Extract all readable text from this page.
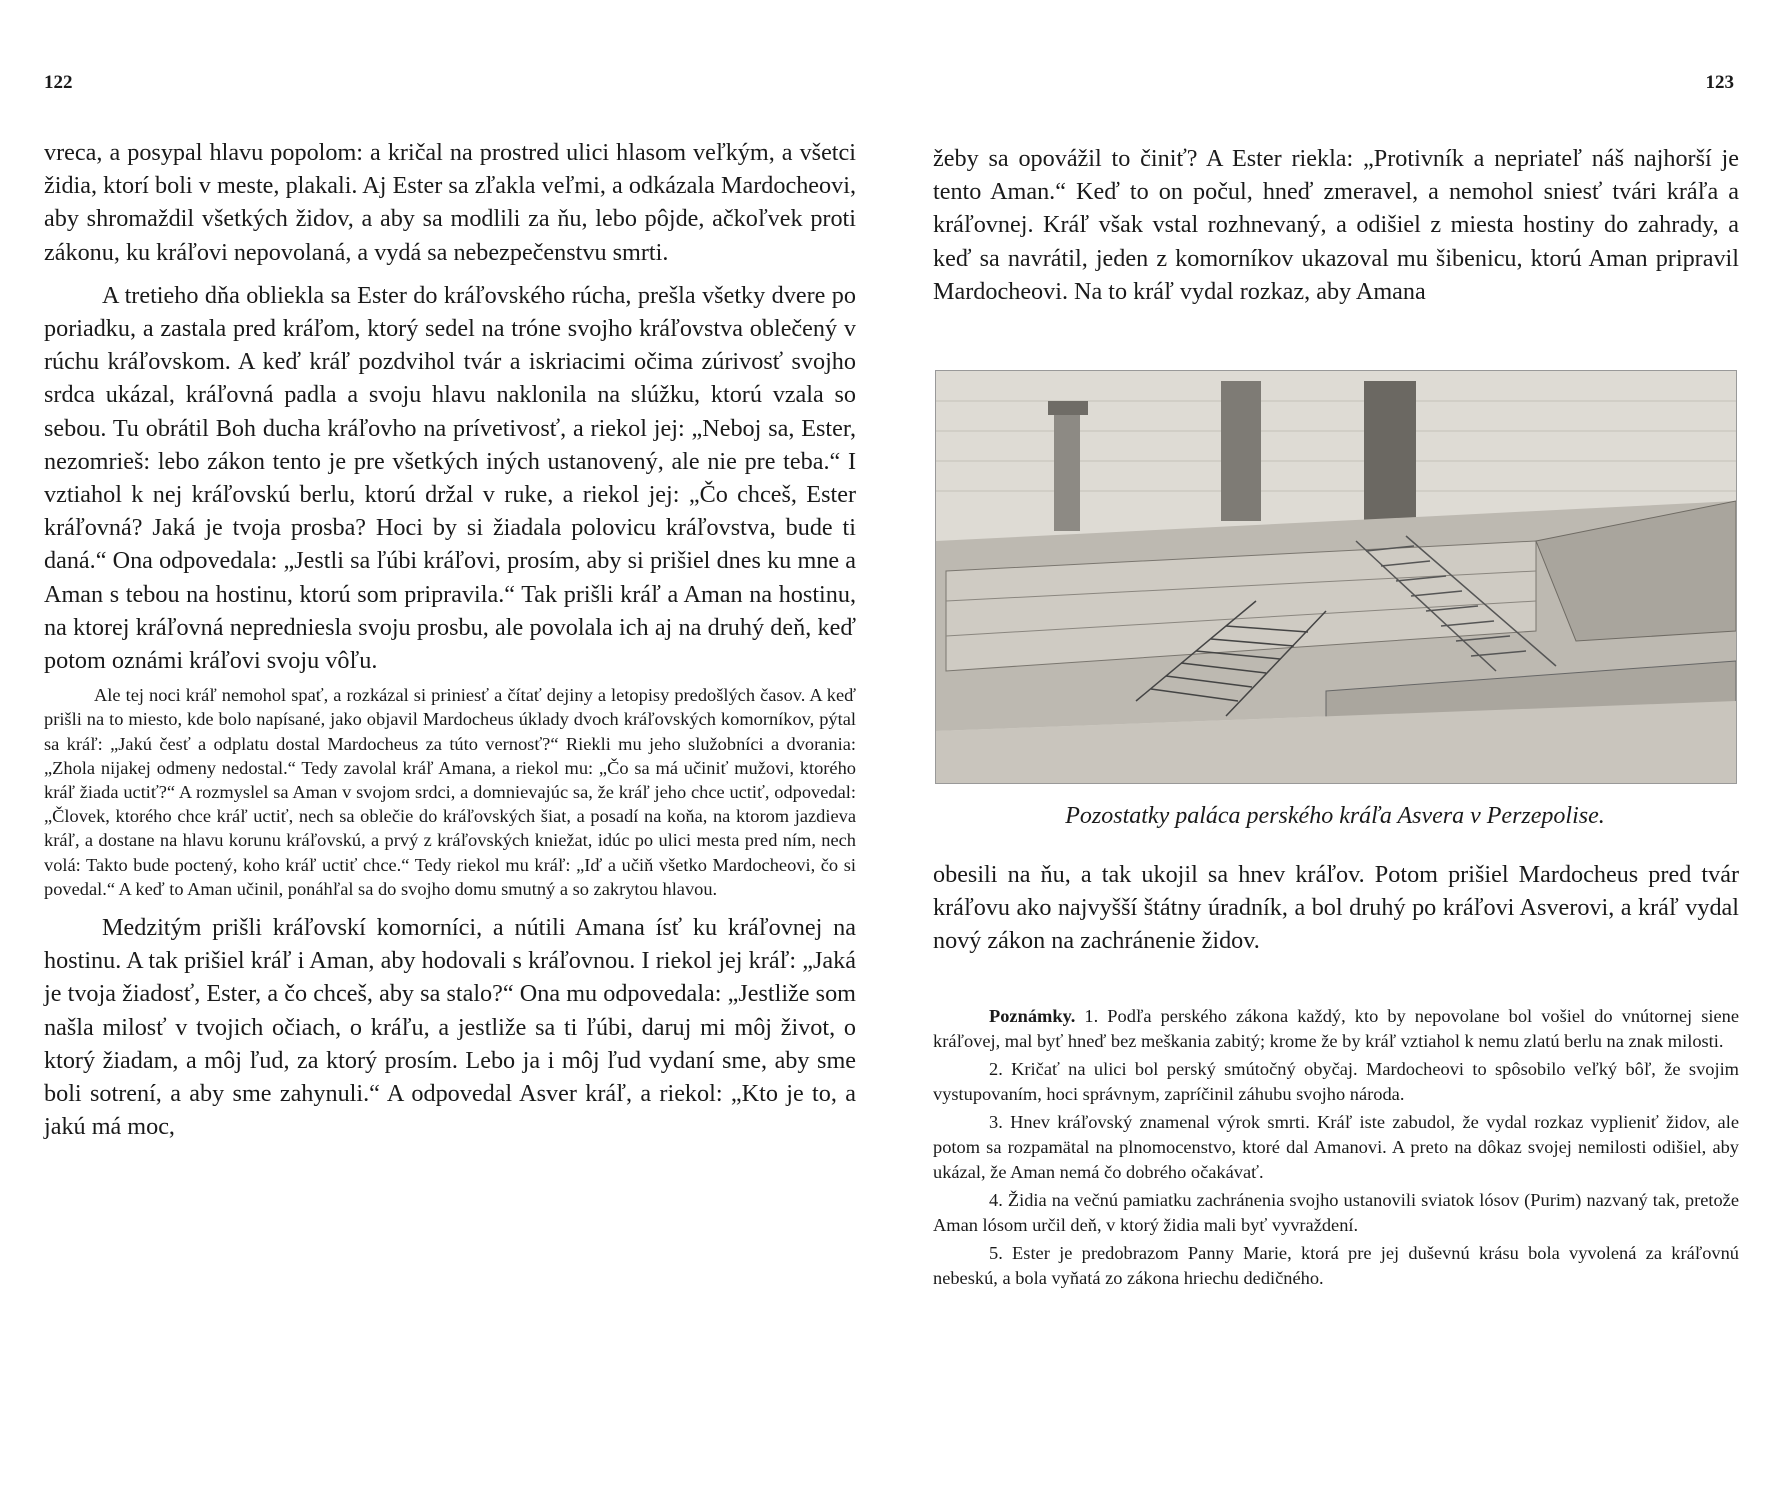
122

vreca, a posypal hlavu popolom: a kričal na prostred ulici hlasom veľkým, a všetci židia, ktorí boli v meste, plakali. Aj Ester sa zľakla veľmi, a odkázala Mardocheovi, aby shromaždil všetkých židov, a aby sa modlili za ňu, lebo pôjde, ačkoľvek proti zákonu, ku kráľovi nepovolaná, a vydá sa nebezpečenstvu smrti.

A tretieho dňa obliekla sa Ester do kráľovského rúcha, prešla všetky dvere po poriadku, a zastala pred kráľom, ktorý sedel na tróne svojho kráľovstva oblečený v rúchu kráľovskom. A keď kráľ pozdvihol tvár a iskriacimi očima zúrivosť svojho srdca ukázal, kráľovná padla a svoju hlavu naklonila na slúžku, ktorú vzala so sebou. Tu obrátil Boh ducha kráľovho na prívetivosť, a riekol jej: „Neboj sa, Ester, nezomrieš: lebo zákon tento je pre všetkých iných ustanovený, ale nie pre teba.“ I vztiahol k nej kráľovskú berlu, ktorú držal v ruke, a riekol jej: „Čo chceš, Ester kráľovná? Jaká je tvoja prosba? Hoci by si žiadala polovicu kráľovstva, bude ti daná.“ Ona odpovedala: „Jestli sa ľúbi kráľovi, prosím, aby si prišiel dnes ku mne a Aman s tebou na hostinu, ktorú som pripravila.“ Tak prišli kráľ a Aman na hostinu, na ktorej kráľovná nepredniesla svoju prosbu, ale povolala ich aj na druhý deň, keď potom oznámi kráľovi svoju vôľu.

Ale tej noci kráľ nemohol spať, a rozkázal si priniesť a čítať dejiny a letopisy predošlých časov. A keď prišli na to miesto, kde bolo napísané, jako objavil Mardocheus úklady dvoch kráľovských komorníkov, pýtal sa kráľ: „Jakú česť a odplatu dostal Mardocheus za túto vernosť?“ Riekli mu jeho služobníci a dvorania: „Zhola nijakej odmeny nedostal.“ Tedy zavolal kráľ Amana, a riekol mu: „Čo sa má učiniť mužovi, ktorého kráľ žiada uctiť?“ A rozmyslel sa Aman v svojom srdci, a domnievajúc sa, že kráľ jeho chce uctiť, odpovedal: „Človek, ktorého chce kráľ uctiť, nech sa oblečie do kráľovských šiat, a posadí na koňa, na ktorom jazdieva kráľ, a dostane na hlavu korunu kráľovskú, a prvý z kráľovských kniežat, idúc po ulici mesta pred ním, nech volá: Takto bude poctený, koho kráľ uctiť chce.“ Tedy riekol mu kráľ: „Iď a učiň všetko Mardocheovi, čo si povedal.“ A keď to Aman učinil, ponáhľal sa do svojho domu smutný a so zakrytou hlavou.

Medzitým prišli kráľovskí komorníci, a nútili Amana ísť ku kráľovnej na hostinu. A tak prišiel kráľ i Aman, aby hodovali s kráľovnou. I riekol jej kráľ: „Jaká je tvoja žiadosť, Ester, a čo chceš, aby sa stalo?“ Ona mu odpovedala: „Jestliže som našla milosť v tvojich očiach, o kráľu, a jestliže sa ti ľúbi, daruj mi môj život, o ktorý žiadam, a môj ľud, za ktorý prosím. Lebo ja i môj ľud vydaní sme, aby sme boli sotrení, a aby sme zahynuli.“ A odpovedal Asver kráľ, a riekol: „Kto je to, a jakú má moc,

123

žeby sa opovážil to činiť? A Ester riekla: „Protivník a nepriateľ náš najhorší je tento Aman.“ Keď to on počul, hneď zmeravel, a nemohol sniesť tvári kráľa a kráľovnej. Kráľ však vstal rozhnevaný, a odišiel z miesta hostiny do zahrady, a keď sa navrátil, jeden z komorníkov ukazoval mu šibenicu, ktorú Aman pripravil Mardocheovi. Na to kráľ vydal rozkaz, aby Amana

Pozostatky paláca perského kráľa Asvera v Perzepolise.

obesili na ňu, a tak ukojil sa hnev kráľov. Potom prišiel Mardocheus pred tvár kráľovu ako najvyšší štátny úradník, a bol druhý po kráľovi Asverovi, a kráľ vydal nový zákon na zachránenie židov.

Poznámky. 1. Podľa perského zákona každý, kto by nepovolane bol vošiel do vnútornej siene kráľovej, mal byť hneď bez meškania zabitý; krome že by kráľ vztiahol k nemu zlatú berlu na znak milosti.

2. Kričať na ulici bol perský smútočný obyčaj. Mardocheovi to spôsobilo veľký bôľ, že svojim vystupovaním, hoci správnym, zapríčinil záhubu svojho národa.

3. Hnev kráľovský znamenal výrok smrti. Kráľ iste zabudol, že vydal rozkaz vyplieniť židov, ale potom sa rozpamätal na plnomocenstvo, ktoré dal Amanovi. A preto na dôkaz svojej nemilosti odišiel, aby ukázal, že Aman nemá čo dobrého očakávať.

4. Židia na večnú pamiatku zachránenia svojho ustanovili sviatok lósov (Purim) nazvaný tak, pretože Aman lósom určil deň, v ktorý židia mali byť vyvraždení.

5. Ester je predobrazom Panny Marie, ktorá pre jej duševnú krásu bola vyvolená za kráľovnú nebeskú, a bola vyňatá zo zákona hriechu dedičného.
